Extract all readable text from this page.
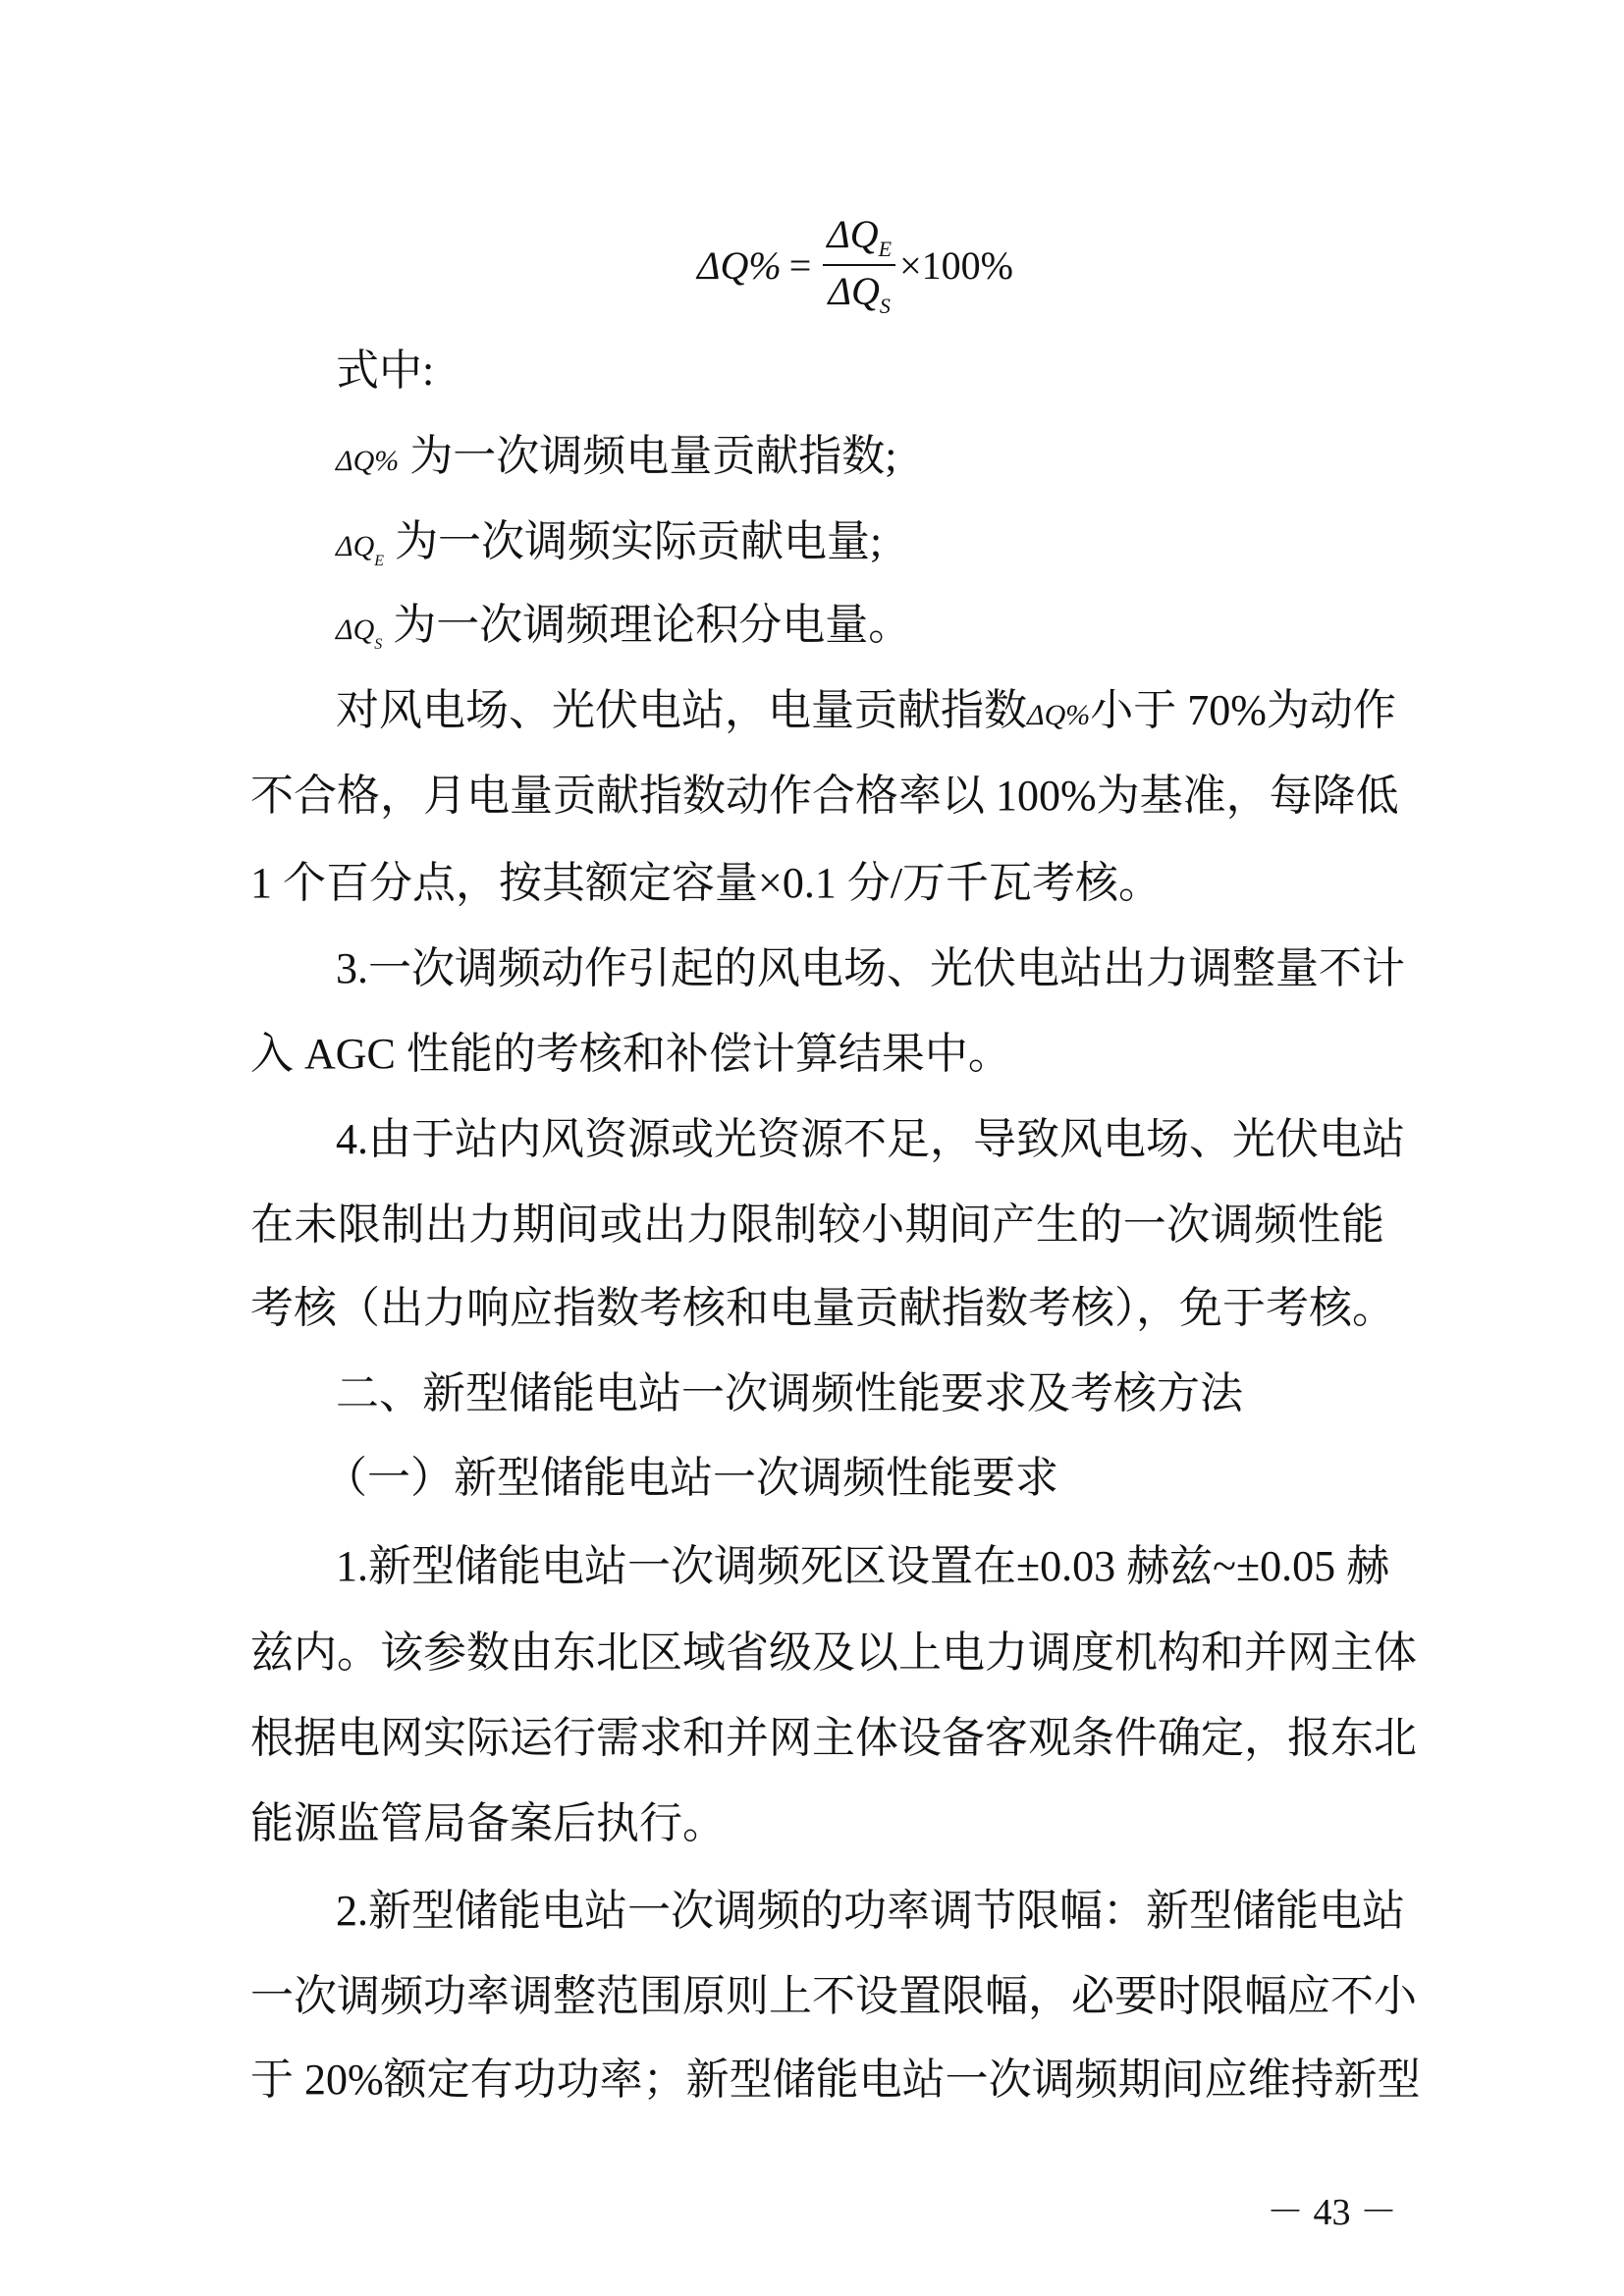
$\Delta Q\% = \frac{\Delta Q_E}{\Delta Q_S} \times 100\%$
式中:
ΔQ% 为一次调频电量贡献指数;
$\Delta Q_E$ 为一次调频实际贡献电量;
$\Delta Q_S$ 为一次调频理论积分电量。
对风电场、光伏电站，电量贡献指数ΔQ%小于 70%为动作
不合格，月电量贡献指数动作合格率以 100%为基准，每降低
1 个百分点，按其额定容量×0.1 分/万千瓦考核。
3.一次调频动作引起的风电场、光伏电站出力调整量不计
入 AGC 性能的考核和补偿计算结果中。
4.由于站内风资源或光资源不足，导致风电场、光伏电站
在未限制出力期间或出力限制较小期间产生的一次调频性能
考核（出力响应指数考核和电量贡献指数考核），免于考核。
二、新型储能电站一次调频性能要求及考核方法
（一）新型储能电站一次调频性能要求
1.新型储能电站一次调频死区设置在±0.03 赫兹~±0.05 赫
兹内。该参数由东北区域省级及以上电力调度机构和并网主体
根据电网实际运行需求和并网主体设备客观条件确定，报东北
能源监管局备案后执行。
2.新型储能电站一次调频的功率调节限幅：新型储能电站
一次调频功率调整范围原则上不设置限幅，必要时限幅应不小
于 20%额定有功功率；新型储能电站一次调频期间应维持新型
－ 43 －
